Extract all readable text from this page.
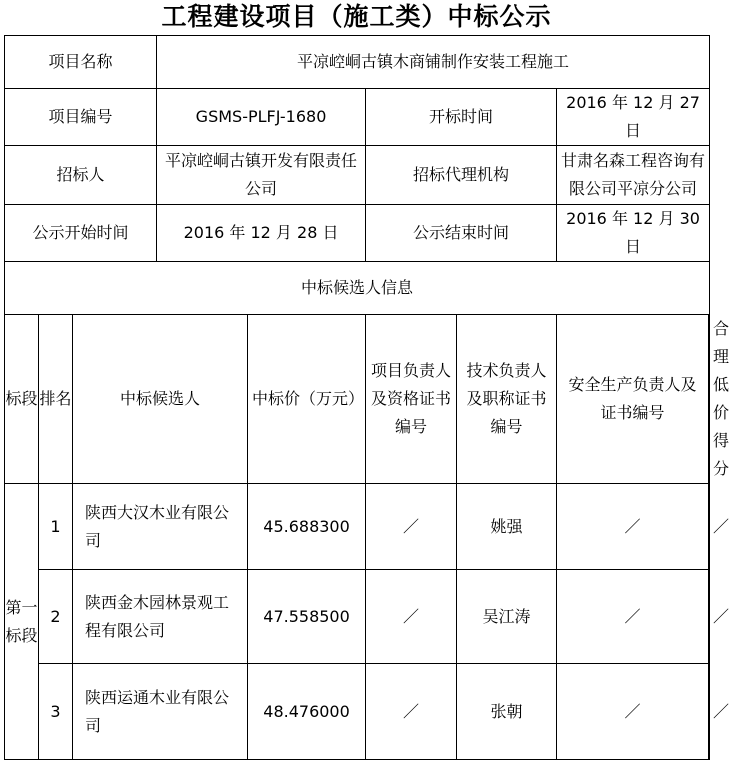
工程建设项目（施工类）中标公示
项目名称			平凉崆峒古镇木商铺制作安装工程施工					
项目编号			GSMS-PLFJ-1680		开标时间		2016 年 12 月 27 日	
招标人			平凉崆峒古镇开发有限责任公司		招标代理机构		甘肃名森工程咨询有限公司平凉分公司	
公示开始时间			2016 年 12 月 28 日		公示结束时间		2016 年 12 月 30 日	
中标候选人信息								
标段	排名	中标候选人		中标价（万元）	项目负责人及资格证书编号	技术负责人及职称证书编号	安全生产负责人及证书编号	合理低价得分
第一标段	1	陕西大汉木业有限公司		45.688300	／	姚强	／	／
	2	陕西金木园林景观工程有限公司		47.558500	／	吴江涛	／	／
	3	陕西运通木业有限公司		48.476000	／	张朝	／	／
